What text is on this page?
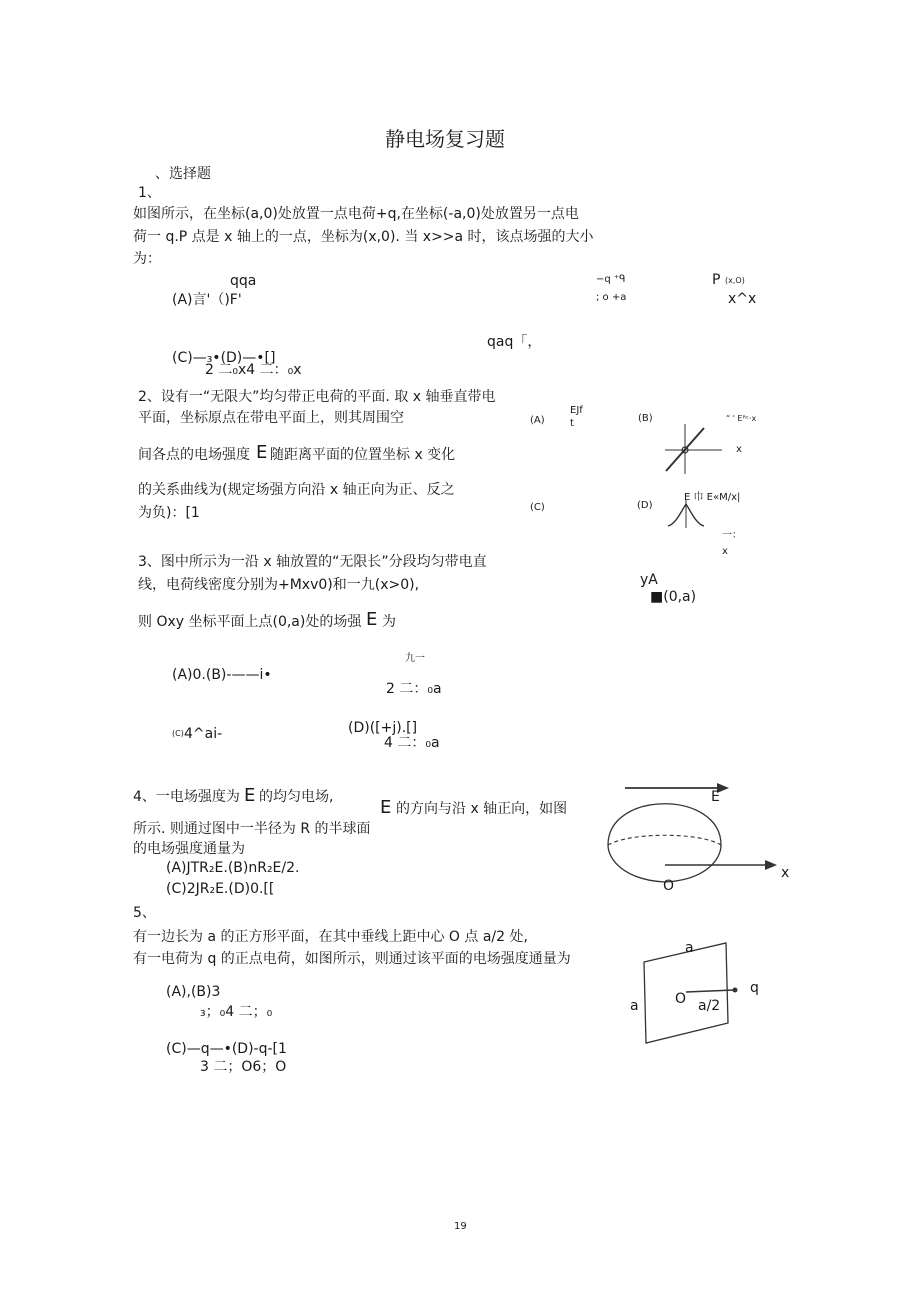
静电场复习题
、选择题
1、
如图所示，在坐标(a,0)处放置一点电荷+q,在坐标(-a,0)处放置另一点电
荷一 q.P 点是 x 轴上的一点，坐标为(x,0). 当 x>>a 时，该点场强的大小
为：
qqa
(A)言'（)F'
(C)—₃•(D)—•[]
2 二₀x4 二：₀x
qaq「，
−q ⁺ᑫ
; o +a
P (x,O)
x^x
2、设有一“无限大”均匀带正电荷的平面. 取 x 轴垂直带电
平面，坐标原点在带电平面上，则其周围空
间各点的电场强度 E 随距离平面的位置坐标 x 变化
的关系曲线为(规定场强方向沿 x 轴正向为正、反之
为负)：[1
(A)
EJf
t	(B)	“ ' Eᴿᶜ·x
x
(C)	(D)
E 巾 E«M/x|
一：
x
3、图中所示为一沿 x 轴放置的“无限长”分段均匀带电直
线，电荷线密度分别为+Mxv0)和一九(x>0),
则 Oxy 坐标平面上点(0,a)处的场强 E 为
yA
■(0,a)
九一
(A)0.(B)-——i•
2 二：₀a
(C) 4^ai-	(D)([+j).[]
4 二：₀a
4、一电场强度为 E 的均匀电场,	E 的方向与沿 x 轴正向，如图
所示. 则通过图中一半径为 R 的半球面
的电场强度通量为
(A)JTR₂E.(B)nR₂E/2.
(C)2JR₂E.(D)0.[[
E
x
O
5、
有一边长为 a 的正方形平面，在其中垂线上距中心 O 点 a/2 处,
有一电荷为 q 的正点电荷，如图所示，则通过该平面的电场强度通量为
(A),(B)3
₃；₀4 二；₀
(C)—q—•(D)-q-[1
3 二；O6；O
a
a	O a/2
q
19
